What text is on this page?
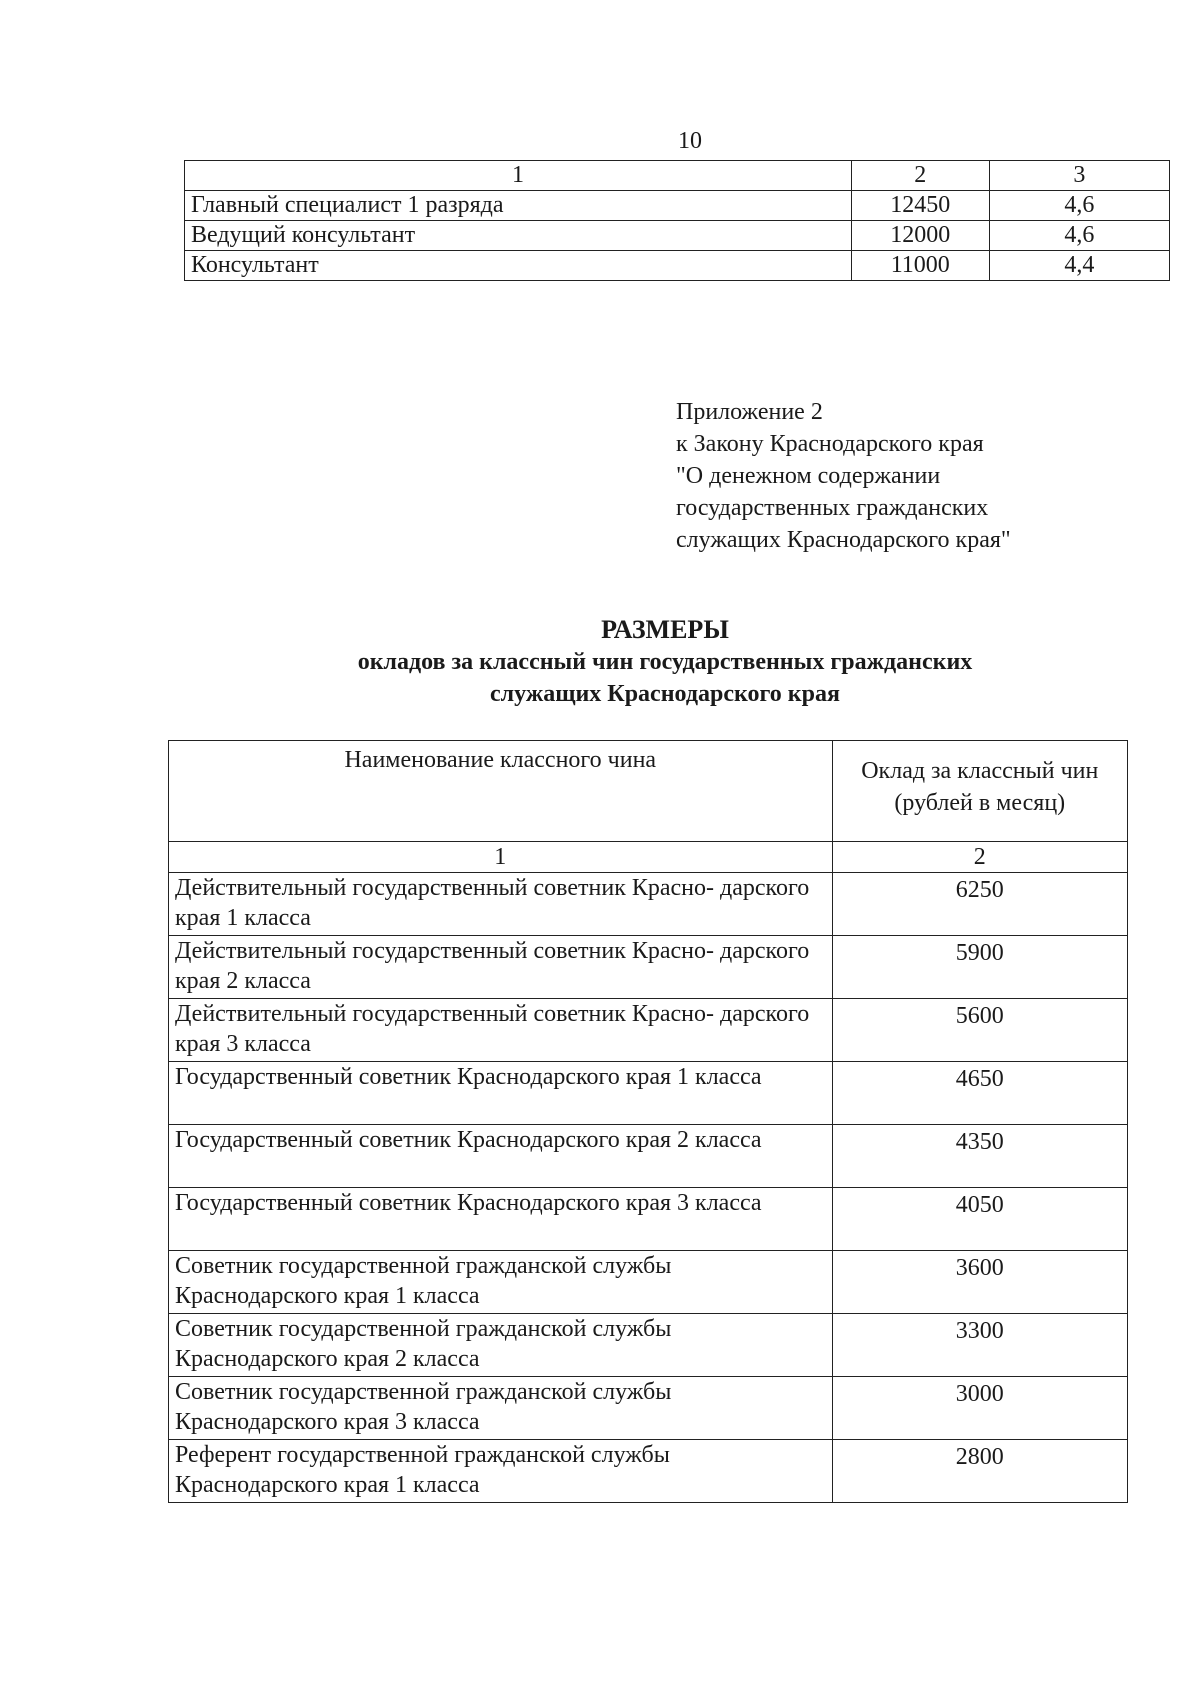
10
1	2	3
Главный специалист 1 разряда	12450	4,6
Ведущий консультант	12000	4,6
Консультант	11000	4,4
Приложение 2
к Закону Краснодарского края
"О денежном содержании
государственных гражданских
служащих Краснодарского края"
РАЗМЕРЫ
окладов за классный чин государственных гражданских
служащих Краснодарского края
Наименование классного чина	Оклад за классный чин (рублей в месяц)
1	2
Действительный государственный советник Красно- дарского края 1 класса	6250
Действительный государственный советник Красно- дарского края 2 класса	5900
Действительный государственный советник Красно- дарского края 3 класса	5600
Государственный советник Краснодарского края 1 класса	4650
Государственный советник Краснодарского края 2 класса	4350
Государственный советник Краснодарского края 3 класса	4050
Советник государственной гражданской службы Краснодарского края 1 класса	3600
Советник государственной гражданской службы Краснодарского края 2 класса	3300
Советник государственной гражданской службы Краснодарского края 3 класса	3000
Референт государственной гражданской службы Краснодарского края 1 класса	2800
